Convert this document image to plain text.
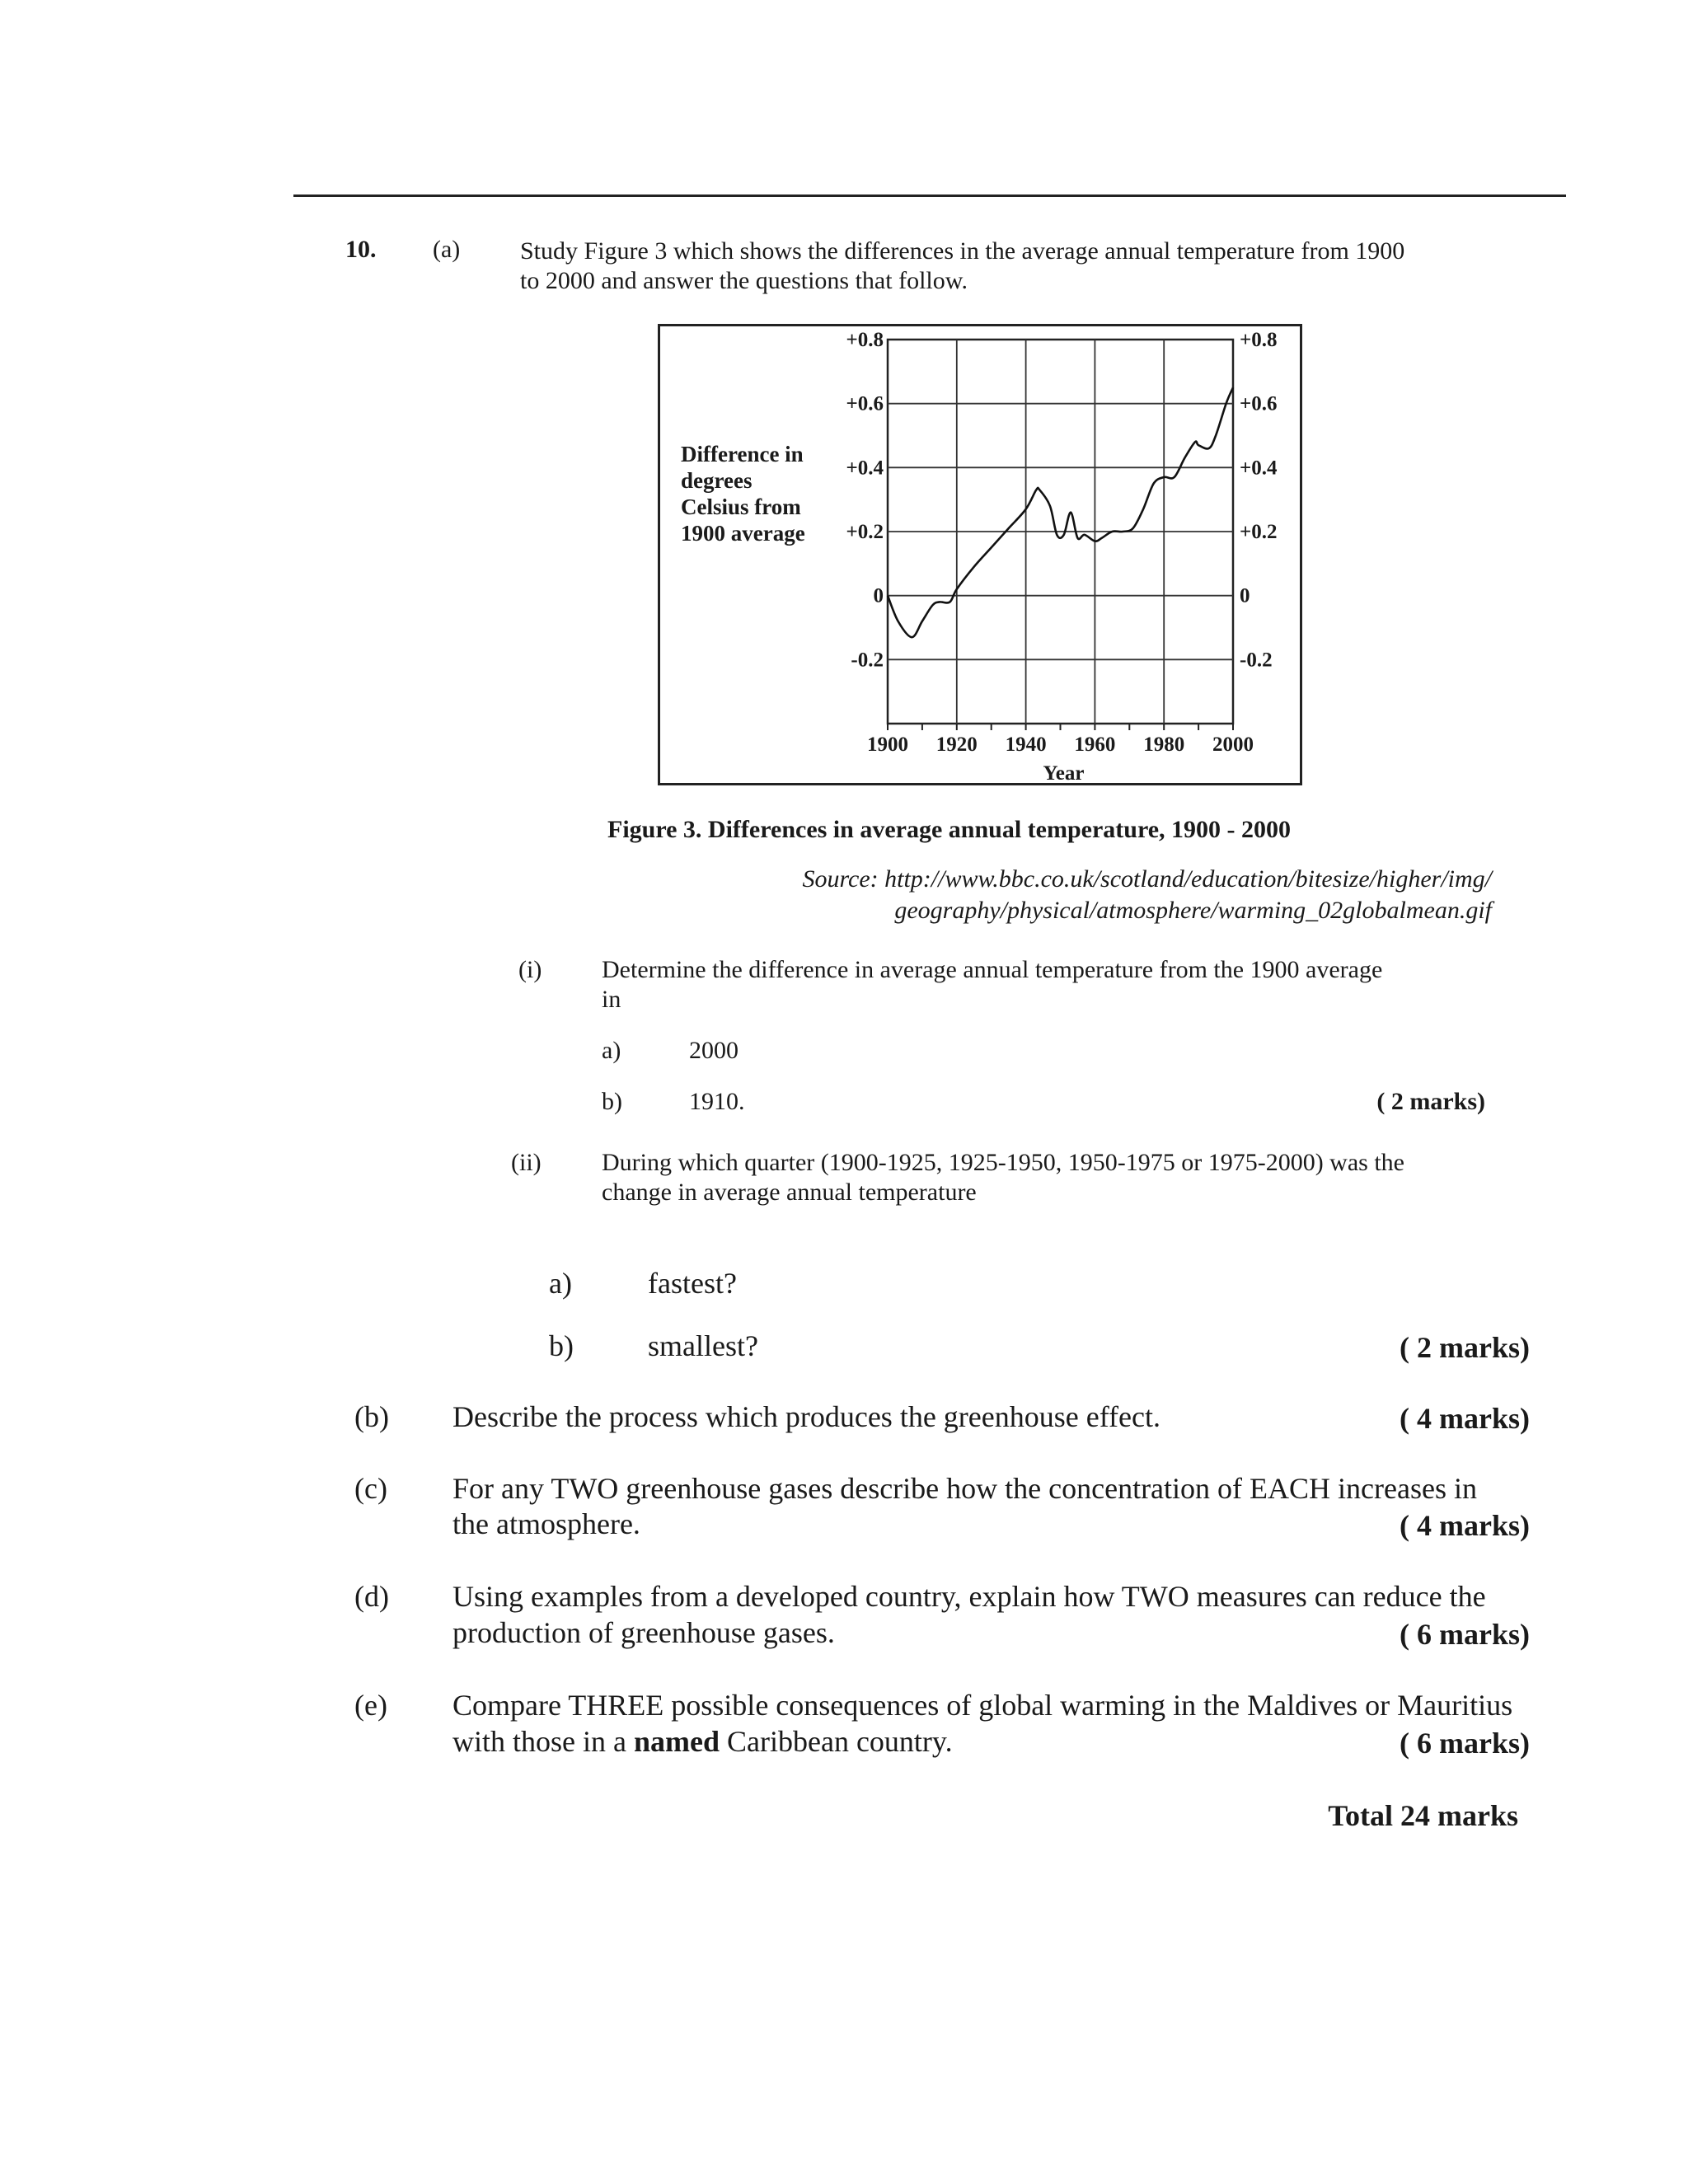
10. (a) Study Figure 3 which shows the differences in the average annual temperature from 1900
to 2000 and answer the questions that follow.
Difference in
degrees
Celsius from
1900 average
1900 1920 1940 1960 1980 2000
+0.8	+0.8
+0.6	+0.6
+0.4	+0.4
+0.2	+0.2
0	0
-0.2	-0.2
Year
Figure 3. Differences in average annual temperature, 1900 - 2000
Source: http://www.bbc.co.uk/scotland/education/bitesize/higher/img/
geography/physical/atmosphere/warming_02globalmean.gif
(i) Determine the difference in average annual temperature from the 1900 average
in
a)	2000
b)	1910.	( 2 marks)
(ii) During which quarter (1900-1925, 1925-1950, 1950-1975 or 1975-2000) was the
change in average annual temperature
a)	fastest?
b)	smallest?	( 2 marks)
(b) Describe the process which produces the greenhouse effect.	( 4 marks)
(c) For any TWO greenhouse gases describe how the concentration of EACH increases in
the atmosphere.	( 4 marks)
(d) Using examples from a developed country, explain how TWO measures can reduce the
production of greenhouse gases.	( 6 marks)
(e) Compare THREE possible consequences of global warming in the Maldives or Mauritius
with those in a named Caribbean country.	( 6 marks)
Total 24 marks
